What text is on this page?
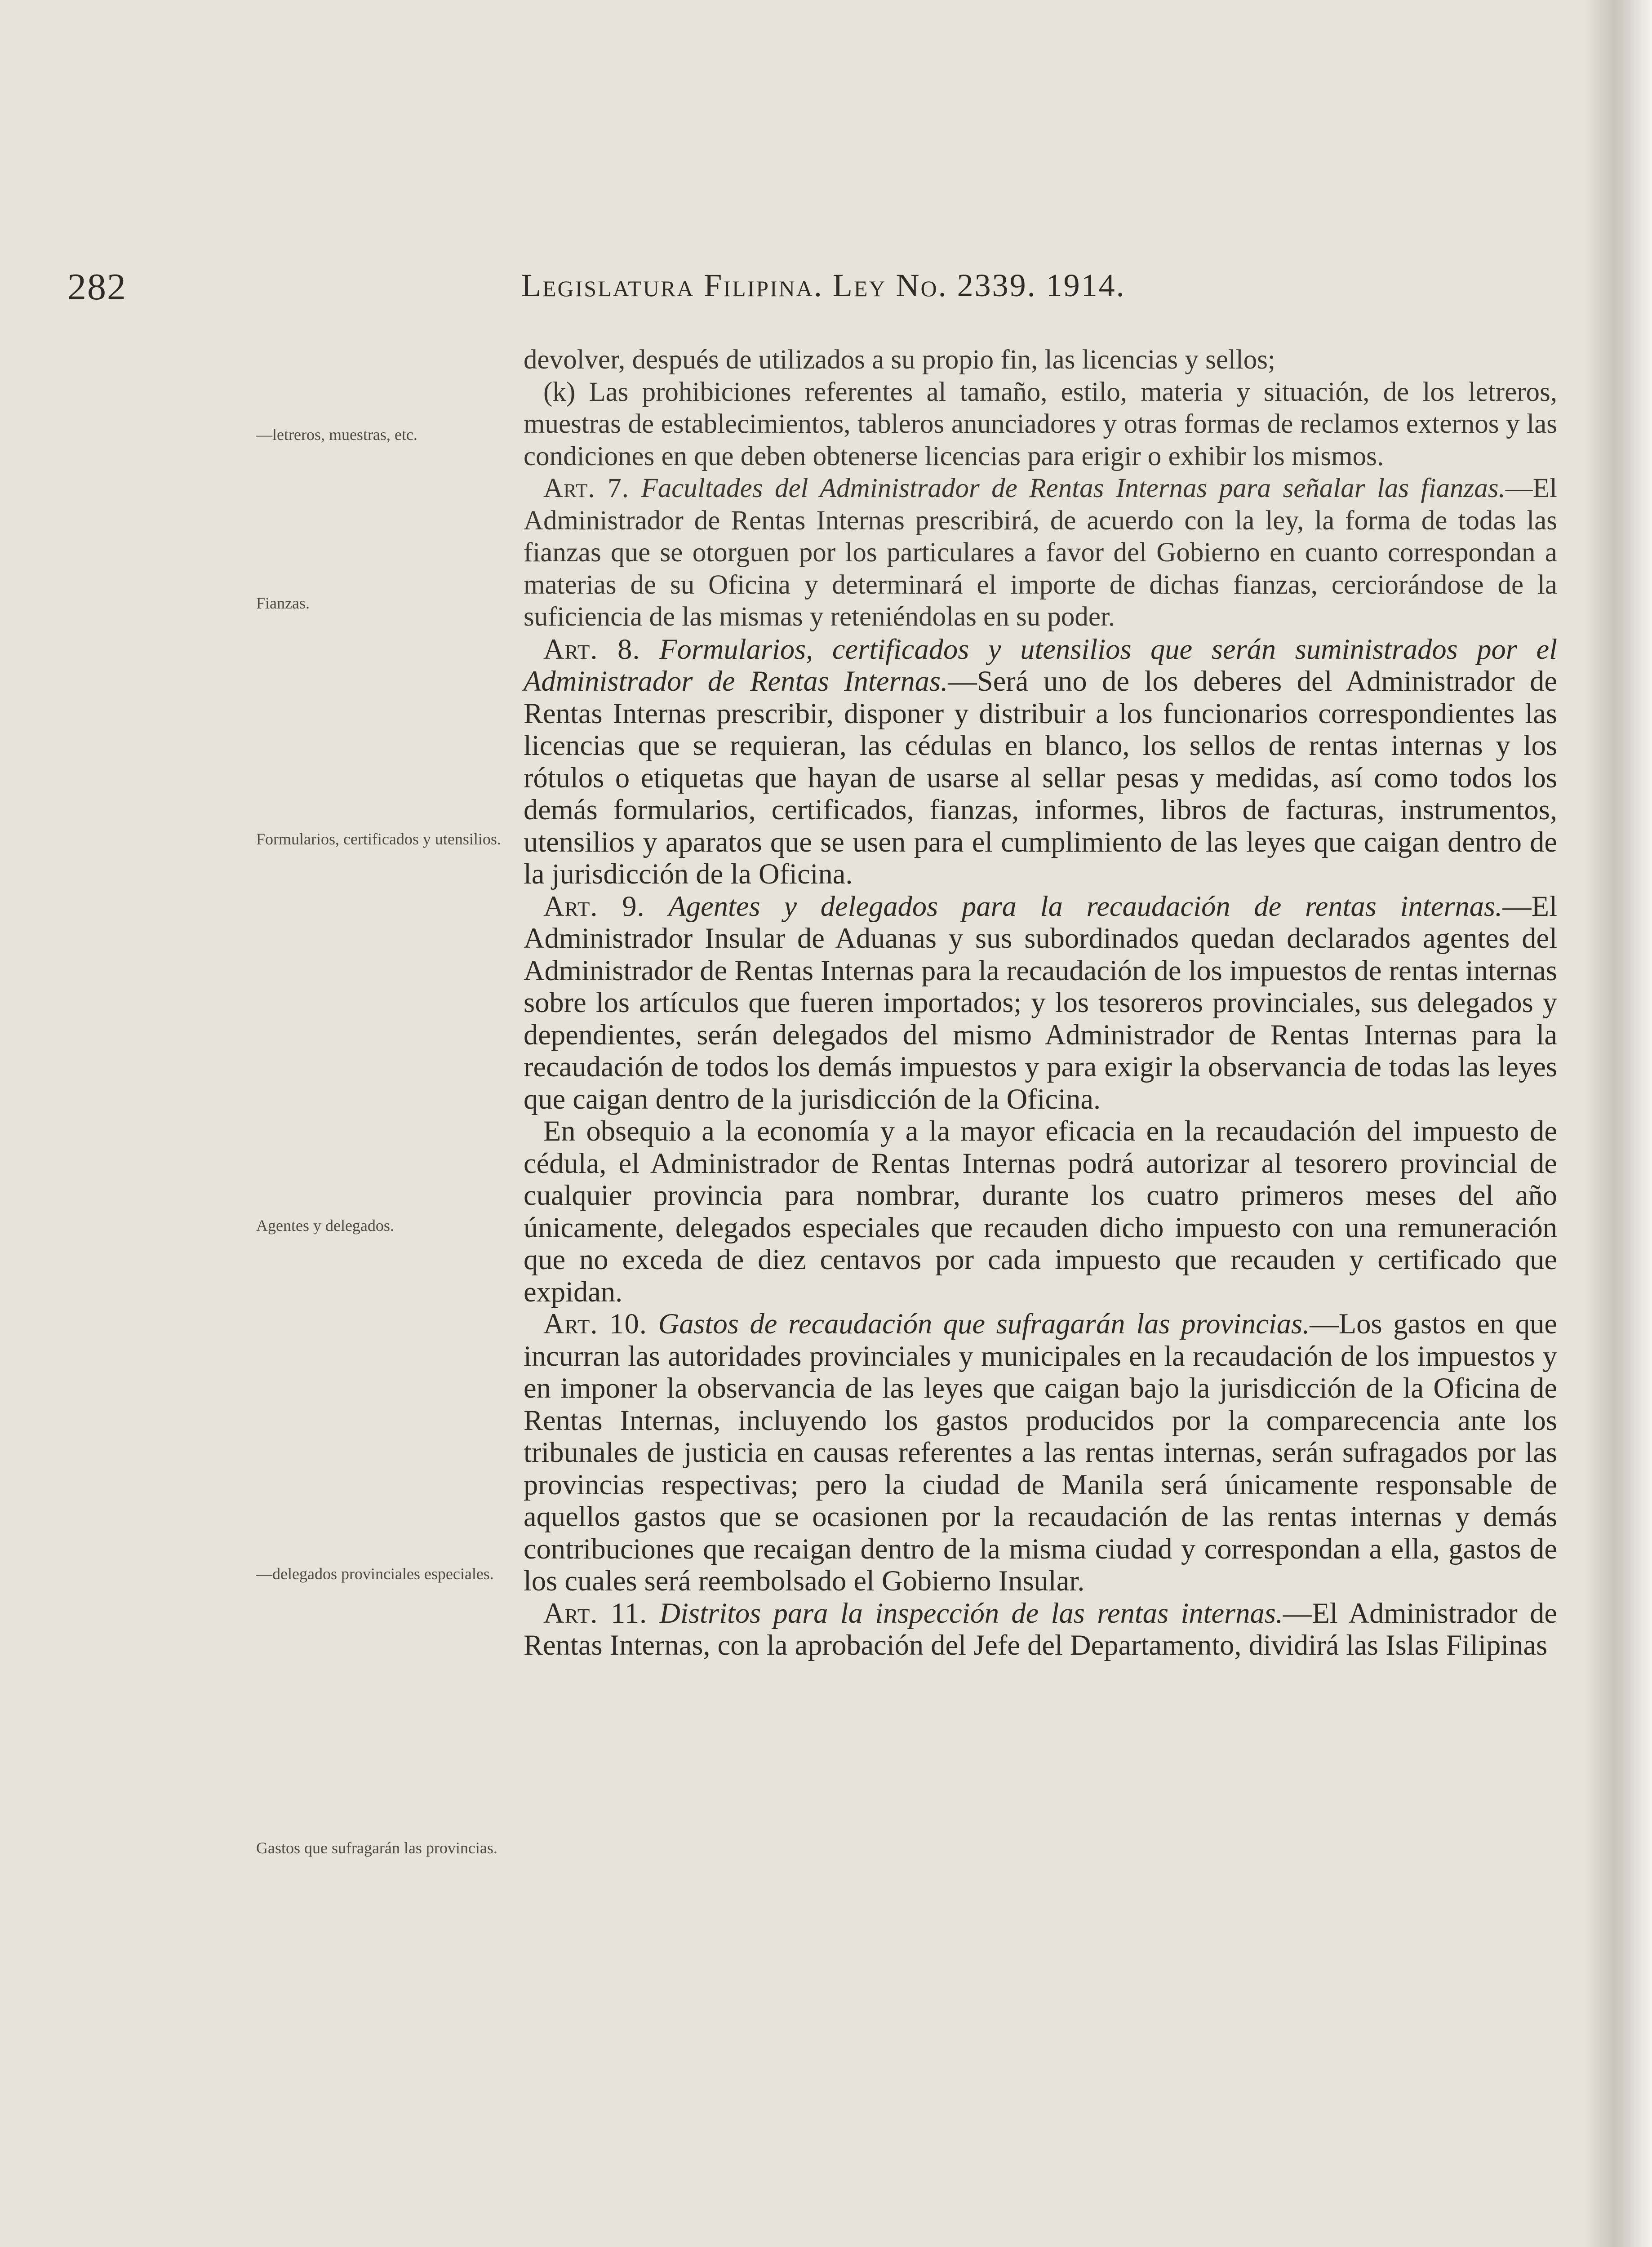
282	Legislatura Filipina. Ley No. 2339. 1914.
—letreros, muestras, etc.
Fianzas.
Formularios, certificados y utensilios.
Agentes y delegados.
—delegados provinciales especiales.
Gastos que sufragarán las provincias.

devolver, después de utilizados a su propio fin, las licencias y sellos;

(k) Las prohibiciones referentes al tamaño, estilo, materia y situación, de los letreros, muestras de establecimientos, tableros anunciadores y otras formas de reclamos externos y las condiciones en que deben obtenerse licencias para erigir o exhibir los mismos.

Art. 7. Facultades del Administrador de Rentas Internas para señalar las fianzas.—El Administrador de Rentas Internas prescribirá, de acuerdo con la ley, la forma de todas las fianzas que se otorguen por los particulares a favor del Gobierno en cuanto correspondan a materias de su Oficina y determinará el importe de dichas fianzas, cerciorándose de la suficiencia de las mismas y reteniéndolas en su poder.

Art. 8. Formularios, certificados y utensilios que serán suministrados por el Administrador de Rentas Internas.—Será uno de los deberes del Administrador de Rentas Internas prescribir, disponer y distribuir a los funcionarios correspondientes las licencias que se requieran, las cédulas en blanco, los sellos de rentas internas y los rótulos o etiquetas que hayan de usarse al sellar pesas y medidas, así como todos los demás formularios, certificados, fianzas, informes, libros de facturas, instrumentos, utensilios y aparatos que se usen para el cumplimiento de las leyes que caigan dentro de la jurisdicción de la Oficina.

Art. 9. Agentes y delegados para la recaudación de rentas internas.—El Administrador Insular de Aduanas y sus subordinados quedan declarados agentes del Administrador de Rentas Internas para la recaudación de los impuestos de rentas internas sobre los artículos que fueren importados; y los tesoreros provinciales, sus delegados y dependientes, serán delegados del mismo Administrador de Rentas Internas para la recaudación de todos los demás impuestos y para exigir la observancia de todas las leyes que caigan dentro de la jurisdicción de la Oficina.

En obsequio a la economía y a la mayor eficacia en la recaudación del impuesto de cédula, el Administrador de Rentas Internas podrá autorizar al tesorero provincial de cualquier provincia para nombrar, durante los cuatro primeros meses del año únicamente, delegados especiales que recauden dicho impuesto con una remuneración que no exceda de diez centavos por cada impuesto que recauden y certificado que expidan.

Art. 10. Gastos de recaudación que sufragarán las provincias.—Los gastos en que incurran las autoridades provinciales y municipales en la recaudación de los impuestos y en imponer la observancia de las leyes que caigan bajo la jurisdicción de la Oficina de Rentas Internas, incluyendo los gastos producidos por la comparecencia ante los tribunales de justicia en causas referentes a las rentas internas, serán sufragados por las provincias respectivas; pero la ciudad de Manila será únicamente responsable de aquellos gastos que se ocasionen por la recaudación de las rentas internas y demás contribuciones que recaigan dentro de la misma ciudad y correspondan a ella, gastos de los cuales será reembolsado el Gobierno Insular.

Art. 11. Distritos para la inspección de las rentas internas.—El Administrador de Rentas Internas, con la aprobación del Jefe del Departamento, dividirá las Islas Filipinas
